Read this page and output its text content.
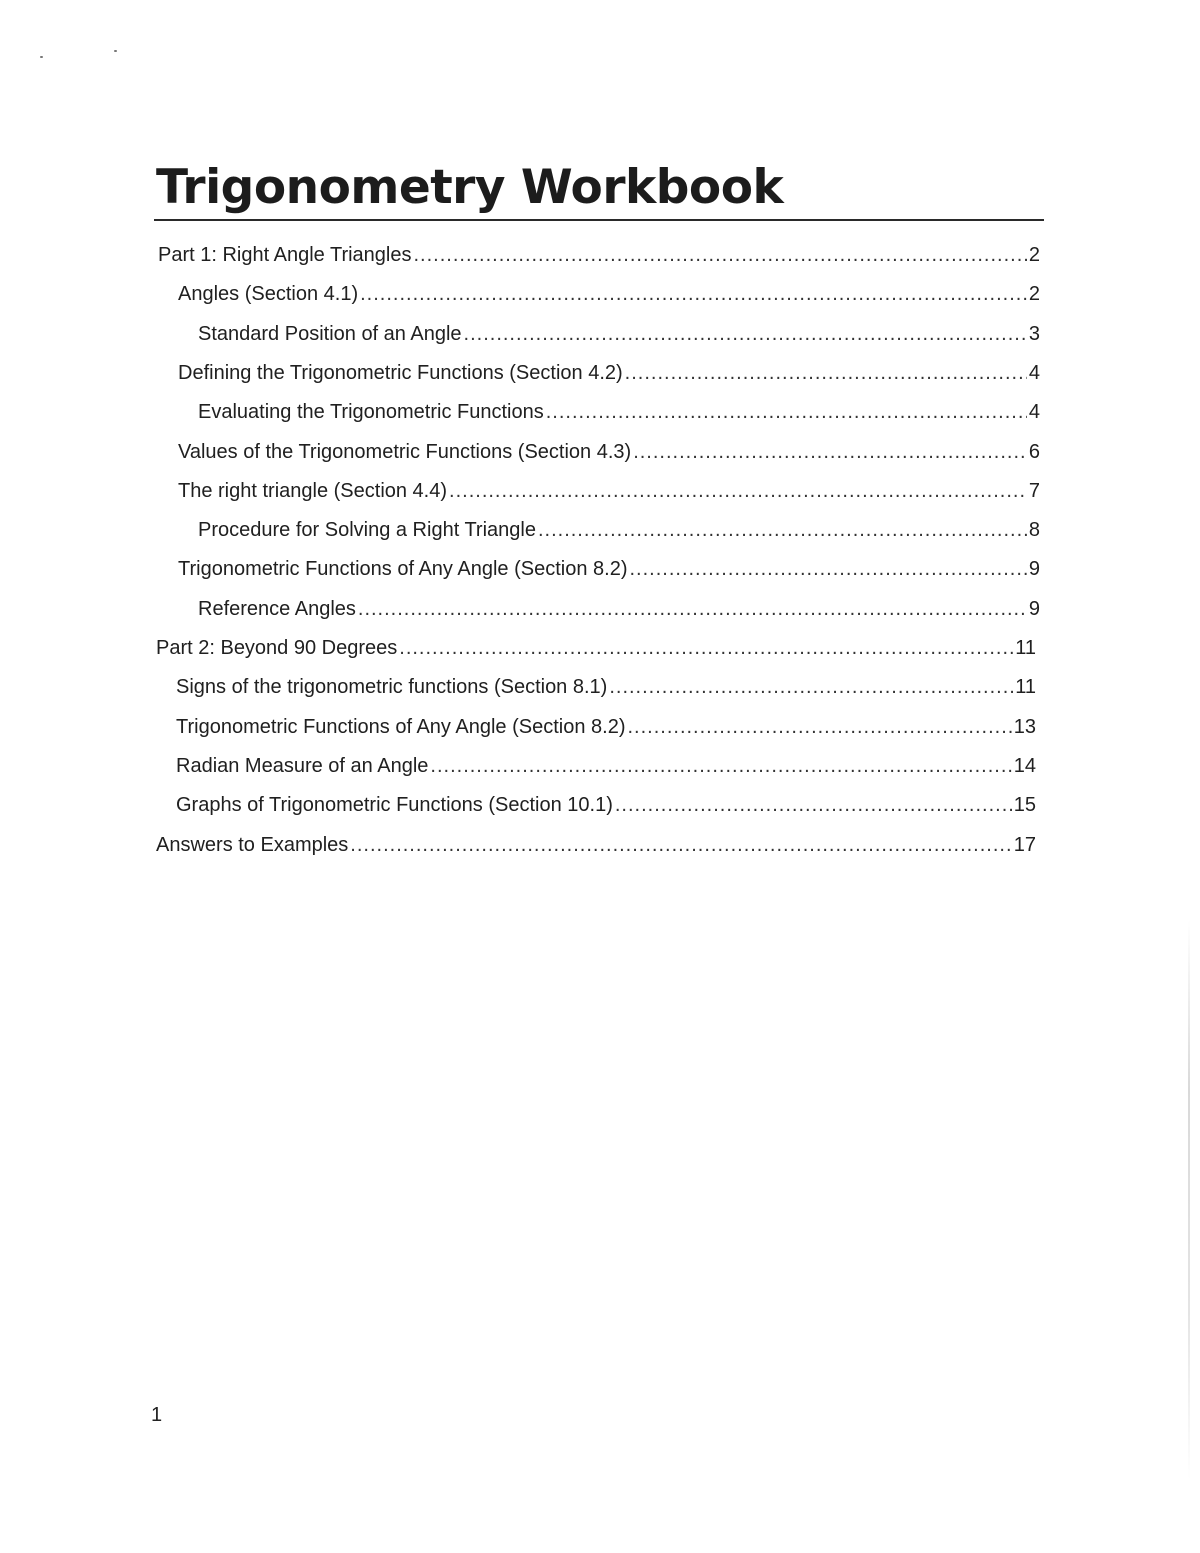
Trigonometry Workbook
Part 1: Right Angle Triangles .....	2
Angles (Section 4.1) .....	2
Standard Position of an Angle .....	3
Defining the Trigonometric Functions (Section 4.2) .....	4
Evaluating the Trigonometric Functions .....	4
Values of the Trigonometric Functions (Section 4.3) .....	6
The right triangle (Section 4.4) .....	7
Procedure for Solving a Right Triangle .....	8
Trigonometric Functions of Any Angle (Section 8.2) .....	9
Reference Angles .....	9
Part 2: Beyond 90 Degrees .....	11
Signs of the trigonometric functions (Section 8.1) .....	11
Trigonometric Functions of Any Angle (Section 8.2) .....	13
Radian Measure of an Angle .....	14
Graphs of Trigonometric Functions (Section 10.1) .....	15
Answers to Examples .....	17
1
